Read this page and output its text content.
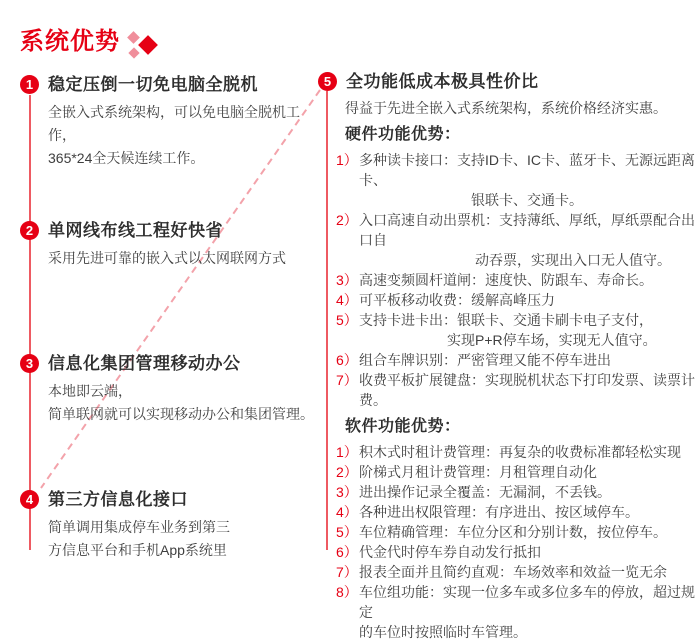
系统优势
1 稳定压倒一切免电脑全脱机
全嵌入式系统架构，可以免电脑全脱机工作，
365*24全天候连续工作。
2 单网线布线工程好快省
采用先进可靠的嵌入式以太网联网方式
3 信息化集团管理移动办公
本地即云端，
简单联网就可以实现移动办公和集团管理。
4 第三方信息化接口
简单调用集成停车业务到第三
方信息平台和手机App系统里
5 全功能低成本极具性价比

得益于先进全嵌入式系统架构，系统价格经济实惠。

硬件功能优势：
1） 多种读卡接口：支持ID卡、IC卡、蓝牙卡、无源远距离卡、
银联卡、交通卡。
2） 入口高速自动出票机：支持薄纸、厚纸，厚纸票配合出口自
动吞票，实现出入口无人值守。
3） 高速变频圆杆道闸：速度快、防跟车、寿命长。
4） 可平板移动收费：缓解高峰压力
5） 支持卡进卡出：银联卡、交通卡刷卡电子支付，
实现P+R停车场，实现无人值守。
6） 组合车牌识别：严密管理又能不停车进出
7） 收费平板扩展键盘：实现脱机状态下打印发票、读票计费。
软件功能优势：
1） 积木式时租计费管理：再复杂的收费标准都轻松实现
2） 阶梯式月租计费管理：月租管理自动化
3） 进出操作记录全覆盖：无漏洞，不丢钱。
4） 各种进出权限管理：有序进出、按区域停车。
5） 车位精确管理：车位分区和分别计数，按位停车。
6） 代金代时停车券自动发行抵扣
7） 报表全面并且简约直观：车场效率和效益一览无余
8） 车位组功能：实现一位多车或多位多车的停放，超过规定
的车位时按照临时车管理。
